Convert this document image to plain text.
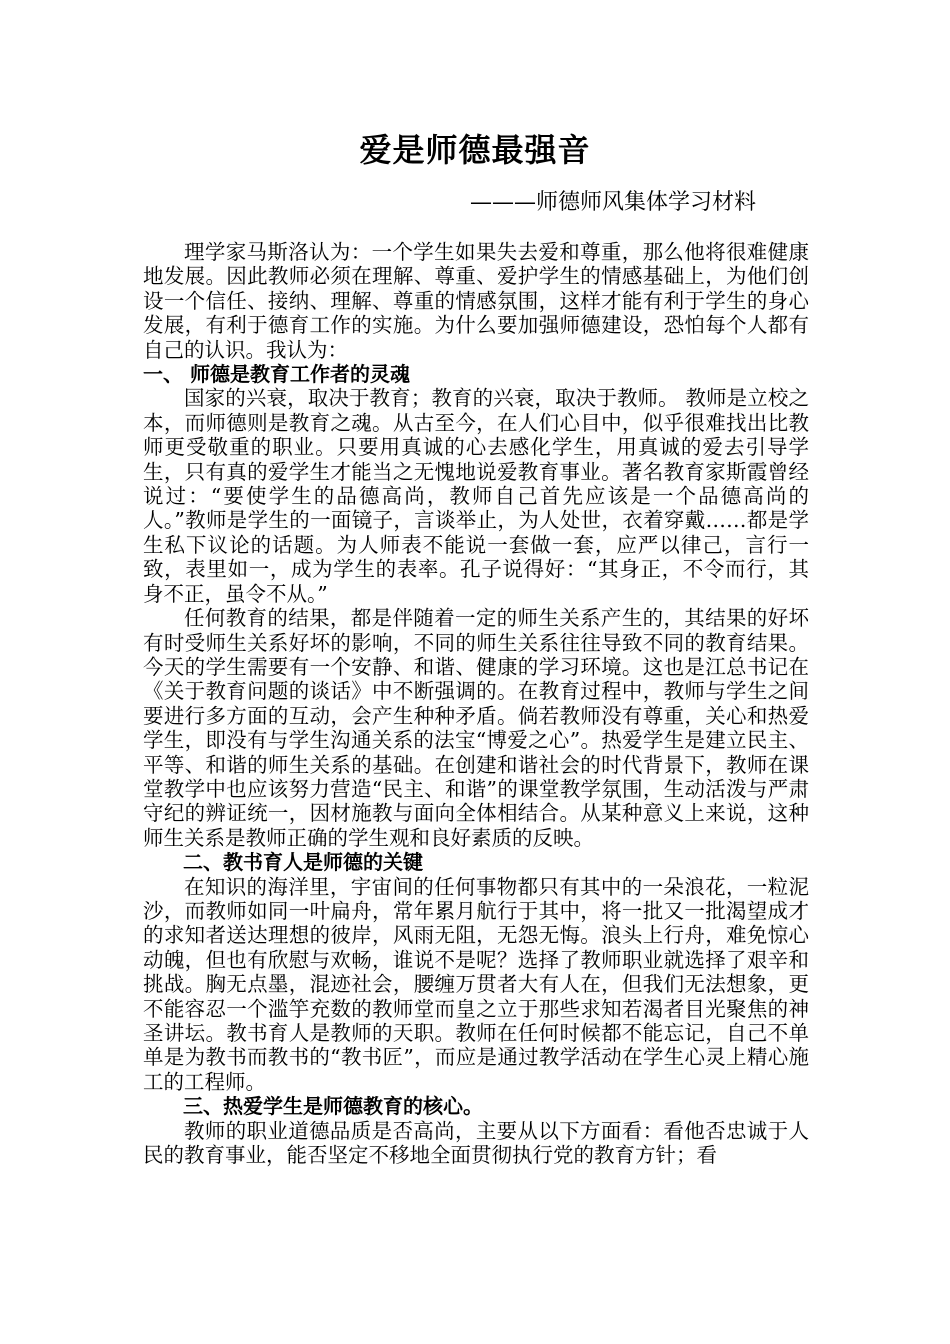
爱是师德最强音
———师德师风集体学习材料

理学家马斯洛认为：一个学生如果失去爱和尊重，那么他将很难健康地发展。因此教师必须在理解、尊重、爱护学生的情感基础上，为他们创设一个信任、接纳、理解、尊重的情感氛围，这样才能有利于学生的身心发展，有利于德育工作的实施。为什么要加强师德建设，恐怕每个人都有自己的认识。我认为：

一、 师德是教育工作者的灵魂

国家的兴衰，取决于教育；教育的兴衰，取决于教师。 教师是立校之本，而师德则是教育之魂。从古至今，在人们心目中，似乎很难找出比教师更受敬重的职业。只要用真诚的心去感化学生，用真诚的爱去引导学生，只有真的爱学生才能当之无愧地说爱教育事业。著名教育家斯霞曾经说过：“要使学生的品德高尚，教师自己首先应该是一个品德高尚的人。”教师是学生的一面镜子，言谈举止，为人处世，衣着穿戴……都是学生私下议论的话题。为人师表不能说一套做一套，应严以律己，言行一致，表里如一，成为学生的表率。孔子说得好：“其身正，不令而行，其身不正，虽令不从。”

任何教育的结果，都是伴随着一定的师生关系产生的，其结果的好坏有时受师生关系好坏的影响，不同的师生关系往往导致不同的教育结果。今天的学生需要有一个安静、和谐、健康的学习环境。这也是江总书记在《关于教育问题的谈话》中不断强调的。在教育过程中，教师与学生之间要进行多方面的互动，会产生种种矛盾。倘若教师没有尊重，关心和热爱学生，即没有与学生沟通关系的法宝“博爱之心”。热爱学生是建立民主、平等、和谐的师生关系的基础。在创建和谐社会的时代背景下，教师在课堂教学中也应该努力营造“民主、和谐”的课堂教学氛围，生动活泼与严肃守纪的辨证统一，因材施教与面向全体相结合。从某种意义上来说，这种师生关系是教师正确的学生观和良好素质的反映。

二、教书育人是师德的关键

在知识的海洋里，宇宙间的任何事物都只有其中的一朵浪花，一粒泥沙，而教师如同一叶扁舟，常年累月航行于其中，将一批又一批渴望成才的求知者送达理想的彼岸，风雨无阻，无怨无悔。浪头上行舟，难免惊心动魄，但也有欣慰与欢畅，谁说不是呢？选择了教师职业就选择了艰辛和挑战。胸无点墨，混迹社会，腰缠万贯者大有人在，但我们无法想象，更不能容忍一个滥竽充数的教师堂而皇之立于那些求知若渴者目光聚焦的神圣讲坛。教书育人是教师的天职。教师在任何时候都不能忘记，自己不单单是为教书而教书的“教书匠”，而应是通过教学活动在学生心灵上精心施工的工程师。

三、热爱学生是师德教育的核心。

教师的职业道德品质是否高尚，主要从以下方面看：看他否忠诚于人民的教育事业，能否坚定不移地全面贯彻执行党的教育方针；看
